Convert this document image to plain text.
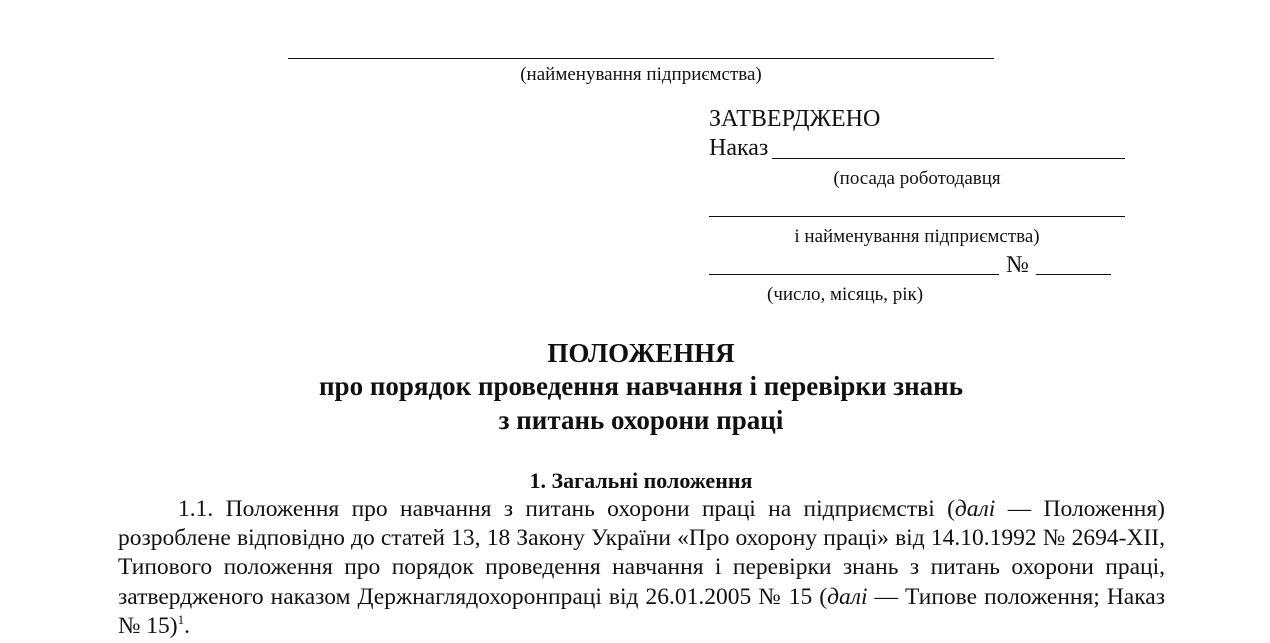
(найменування підприємства)
ЗАТВЕРДЖЕНО
Наказ
(посада роботодавця
і найменування підприємства)
№
(число, місяць, рік)
ПОЛОЖЕННЯ
про порядок проведення навчання і перевірки знань
з питань охорони праці
1. Загальні положення

1.1. Положення про навчання з питань охорони праці на підприємстві (далі — Положення) розроблене відповідно до статей 13, 18 Закону України «Про охорону праці» від 14.10.1992 № 2694-XII, Типового положення про порядок проведення навчання і перевірки знань з питань охорони праці, затвердженого наказом Держнаглядохоронпраці від 26.01.2005 № 15 (далі — Типове положення; Наказ № 15)$^1$.
